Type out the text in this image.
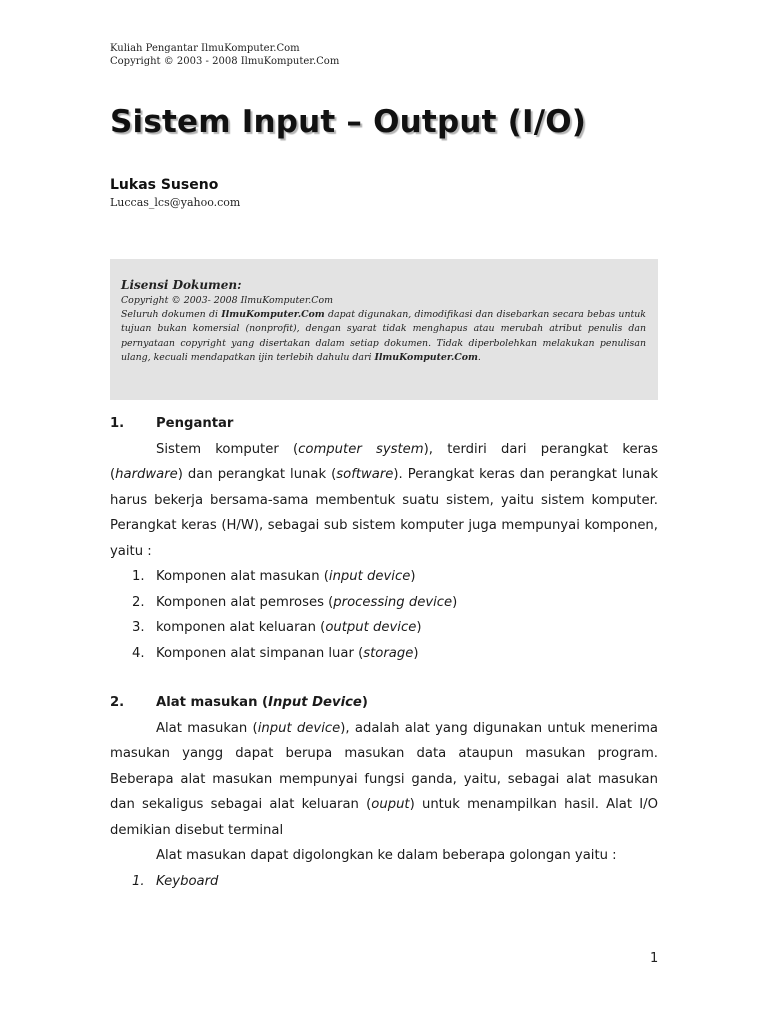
Kuliah Pengantar IlmuKomputer.Com
Copyright © 2003 - 2008 IlmuKomputer.Com
Sistem Input – Output (I/O)
Lukas Suseno
Luccas_lcs@yahoo.com
Lisensi Dokumen:
Copyright © 2003- 2008 IlmuKomputer.Com

Seluruh dokumen di IlmuKomputer.Com dapat digunakan, dimodifikasi dan disebarkan secara bebas untuk tujuan bukan komersial (nonprofit), dengan syarat tidak menghapus atau merubah atribut penulis dan pernyataan copyright yang disertakan dalam setiap dokumen. Tidak diperbolehkan melakukan penulisan ulang, kecuali mendapatkan ijin terlebih dahulu dari IlmuKomputer.Com.

1.	Pengantar

Sistem komputer (computer system), terdiri dari perangkat keras (hardware) dan perangkat lunak (software). Perangkat keras dan perangkat lunak harus bekerja bersama-sama membentuk suatu sistem, yaitu sistem komputer. Perangkat keras (H/W), sebagai sub sistem komputer juga mempunyai komponen, yaitu :

1. Komponen alat masukan (input device)
2. Komponen alat pemroses (processing device)
3. komponen alat keluaran (output device)
4. Komponen alat simpanan luar (storage)
2.	Alat masukan (Input Device)

Alat masukan (input device), adalah alat yang digunakan untuk menerima masukan yangg dapat berupa masukan data ataupun masukan program. Beberapa alat masukan mempunyai fungsi ganda, yaitu, sebagai alat masukan dan sekaligus sebagai alat keluaran (ouput) untuk menampilkan hasil. Alat I/O demikian disebut terminal

Alat masukan dapat digolongkan ke dalam beberapa golongan yaitu :

1. Keyboard
1
